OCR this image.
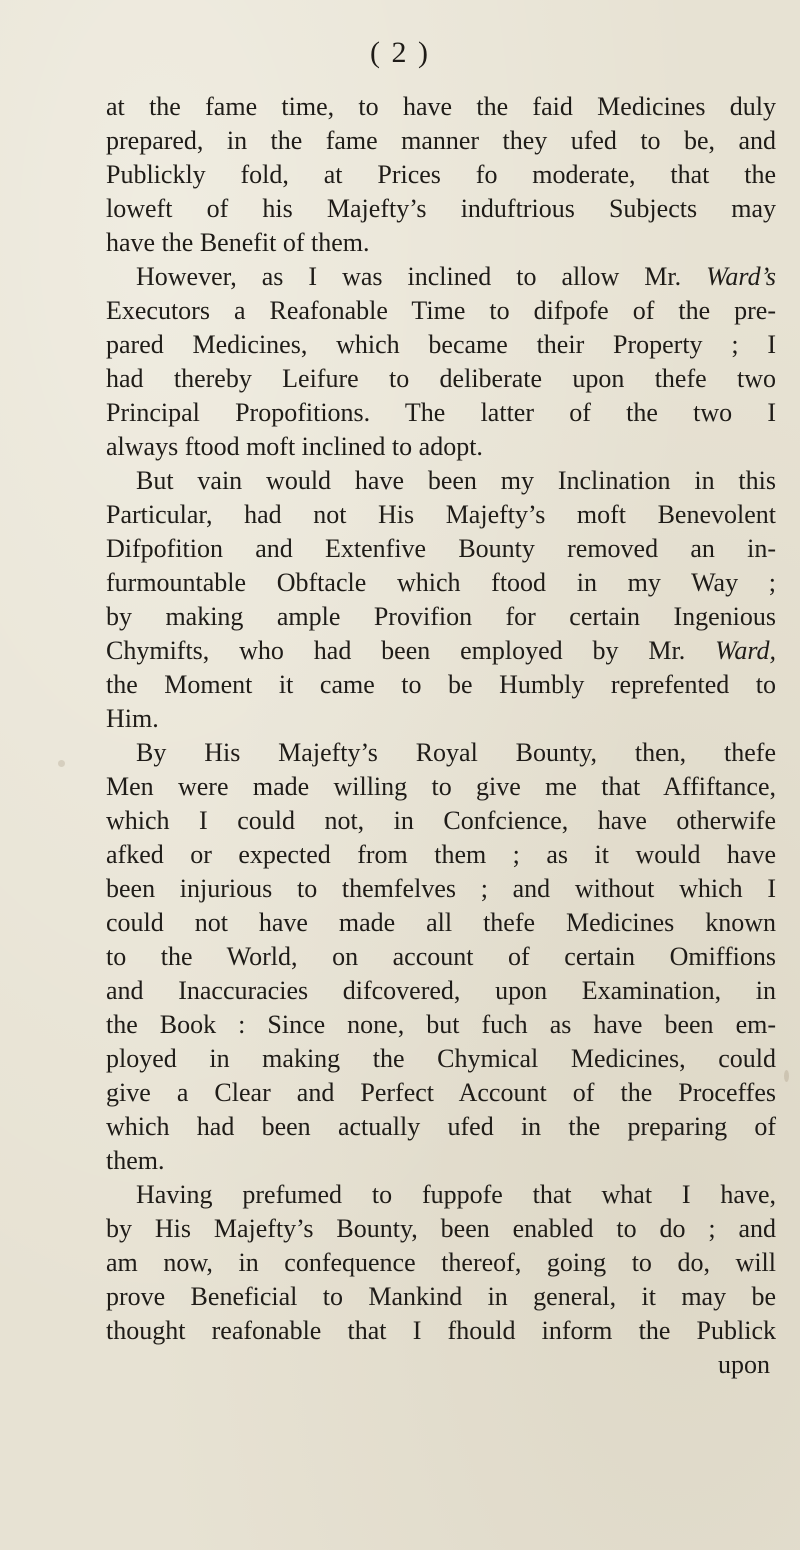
( 2 )
at the fame time, to have the faid Medicines duly
prepared, in the fame manner they ufed to be, and
Publickly fold, at Prices fo moderate, that the
loweft of his Majefty’s induftrious Subjects may
have the Benefit of them.
However, as I was inclined to allow Mr. Ward’s
Executors a Reafonable Time to difpofe of the pre-
pared Medicines, which became their Property ; I
had thereby Leifure to deliberate upon thefe two
Principal Propofitions. The latter of the two I
always ftood moft inclined to adopt.
But vain would have been my Inclination in this
Particular, had not His Majefty’s moft Benevolent
Difpofition and Extenfive Bounty removed an in-
furmountable Obftacle which ftood in my Way ;
by making ample Provifion for certain Ingenious
Chymifts, who had been employed by Mr. Ward,
the Moment it came to be Humbly reprefented to
Him.
By His Majefty’s Royal Bounty, then, thefe
Men were made willing to give me that Affiftance,
which I could not, in Confcience, have otherwife
afked or expected from them ; as it would have
been injurious to themfelves ; and without which I
could not have made all thefe Medicines known
to the World, on account of certain Omiffions
and Inaccuracies difcovered, upon Examination, in
the Book : Since none, but fuch as have been em-
ployed in making the Chymical Medicines, could
give a Clear and Perfect Account of the Proceffes
which had been actually ufed in the preparing of
them.
Having prefumed to fuppofe that what I have,
by His Majefty’s Bounty, been enabled to do ; and
am now, in confequence thereof, going to do, will
prove Beneficial to Mankind in general, it may be
thought reafonable that I fhould inform the Publick
upon
